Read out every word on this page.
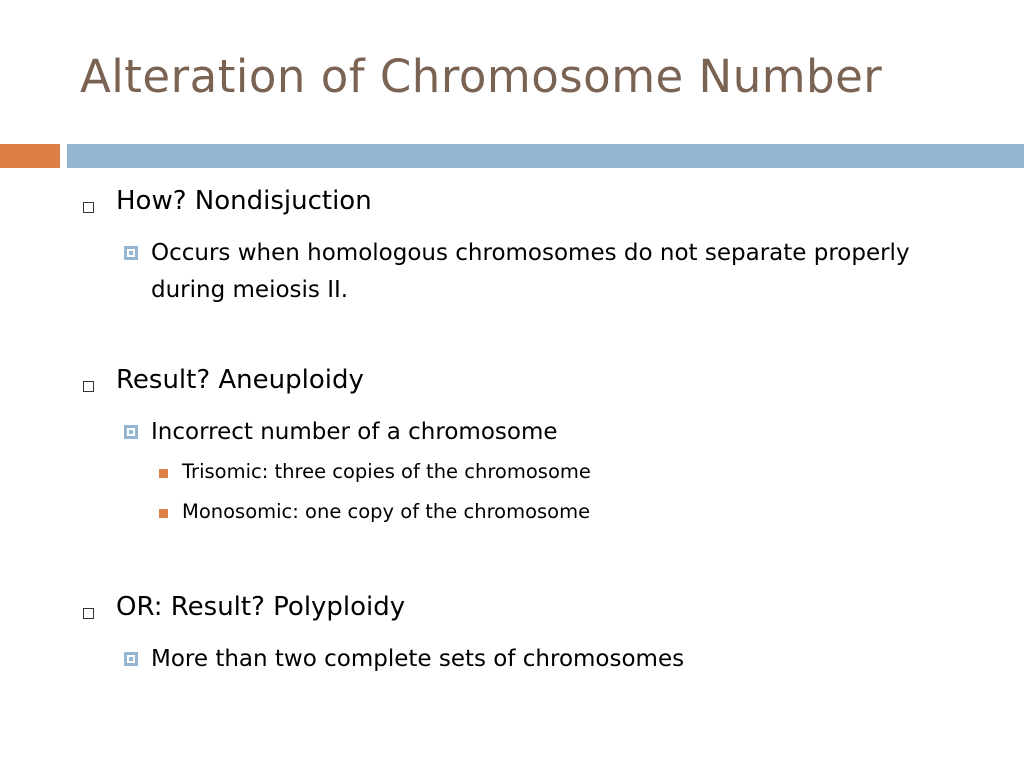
Alteration of Chromosome Number
How? Nondisjuction
Occurs when homologous chromosomes do not separate properly during meiosis II.
Result? Aneuploidy
Incorrect number of a chromosome
Trisomic: three copies of the chromosome
Monosomic: one copy of the chromosome
OR: Result? Polyploidy
More than two complete sets of chromosomes
